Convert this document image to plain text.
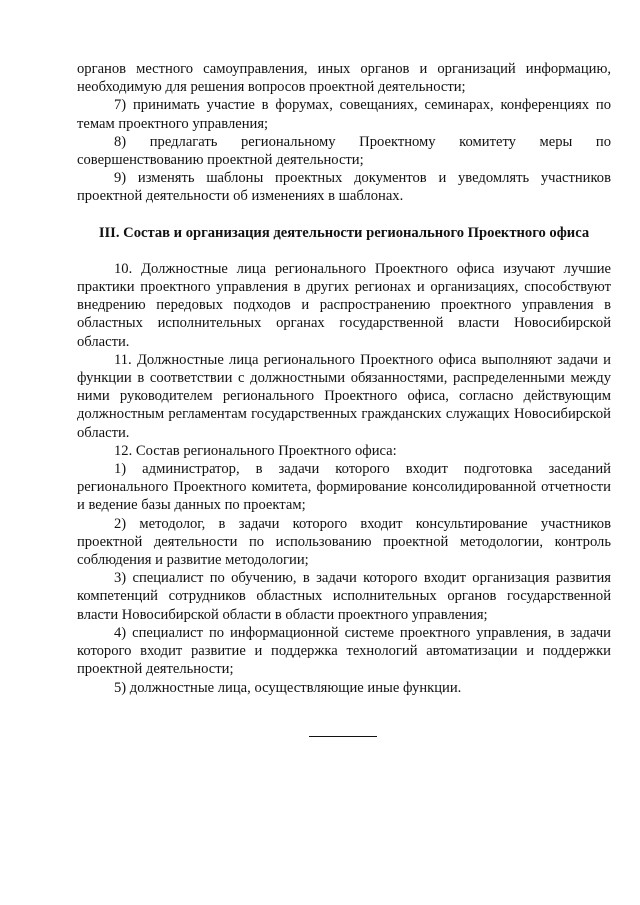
органов местного самоуправления, иных органов и организаций информацию, необходимую для решения вопросов проектной деятельности;

7) принимать участие в форумах, совещаниях, семинарах, конференциях по темам проектного управления;

8) предлагать региональному Проектному комитету меры по совершенствованию проектной деятельности;

9) изменять шаблоны проектных документов и уведомлять участников проектной деятельности об изменениях в шаблонах.

III. Состав и организация деятельности регионального Проектного офиса

10. Должностные лица регионального Проектного офиса изучают лучшие практики проектного управления в других регионах и организациях, способствуют внедрению передовых подходов и распространению проектного управления в областных исполнительных органах государственной власти Новосибирской области.

11. Должностные лица регионального Проектного офиса выполняют задачи и функции в соответствии с должностными обязанностями, распределенными между ними руководителем регионального Проектного офиса, согласно действующим должностным регламентам государственных гражданских служащих Новосибирской области.

12. Состав регионального Проектного офиса:

1) администратор, в задачи которого входит подготовка заседаний регионального Проектного комитета, формирование консолидированной отчетности и ведение базы данных по проектам;

2) методолог, в задачи которого входит консультирование участников проектной деятельности по использованию проектной методологии, контроль соблюдения и развитие методологии;

3) специалист по обучению, в задачи которого входит организация развития компетенций сотрудников областных исполнительных органов государственной власти Новосибирской области в области проектного управления;

4) специалист по информационной системе проектного управления, в задачи которого входит развитие и поддержка технологий автоматизации и поддержки проектной деятельности;

5) должностные лица, осуществляющие иные функции.
